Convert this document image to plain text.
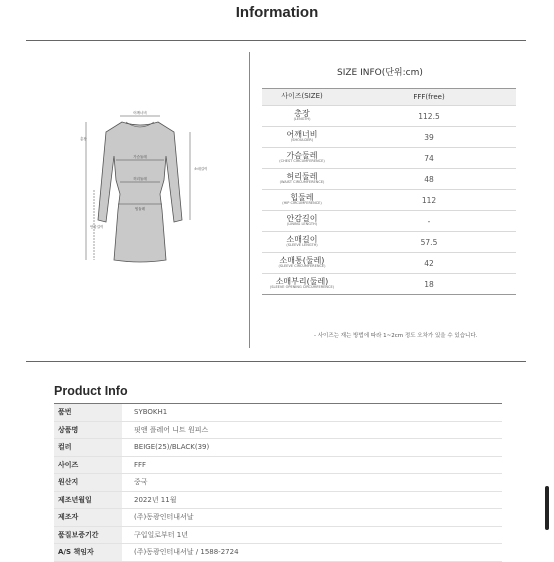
Information
어깨너비
가슴둘레
허리둘레
힙둘레
총장
안감길이
소매길이
SIZE INFO(단위:cm)
사이즈(SIZE)	FFF(free)

총장
(LENGTH)	112.5

어깨너비
(SHOULDER)	39

가슴둘레
(CHEST CIRCUMFERENCE)	74

허리둘레
(WAIST CIRCUMFERENCE)	48

힙둘레
(HIP CIRCUMFERENCE)	112

안감길이
(LINING LENGTH)	-

소매길이
(SLEEVE LENGTH)	57.5

소매통(둘레)
(SLEEVE CIRCUMFERENCE)	42

소매부리(둘레)
(SLEEVE OPENING CIRCUMFERENCE)	18
- 사이즈는 재는 방법에 따라 1~2cm 정도 오차가 있을 수 있습니다.
Product Info
품번	SYBOKH1
상품명	핏앤 플레어 니트 원피스
컬러	BEIGE(25)/BLACK(39)
사이즈	FFF
원산지	중국
제조년월일	2022년 11월
제조자	(주)동광인터내셔날
품질보증기간	구입일로부터 1년
A/S 책임자	(주)동광인터내셔날 / 1588-2724
